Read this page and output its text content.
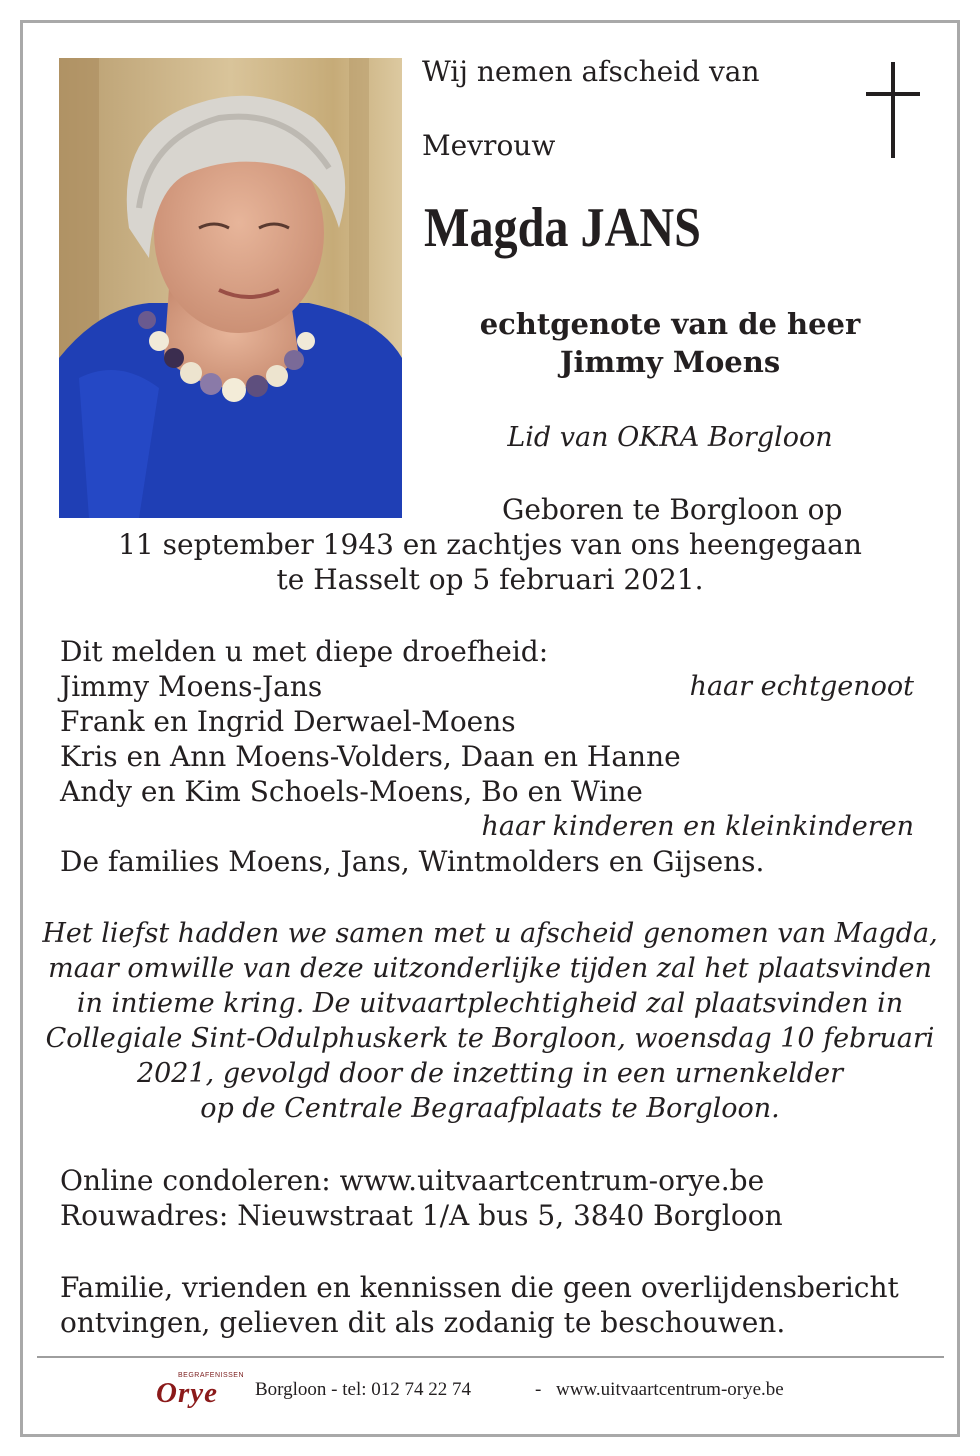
Wij nemen afscheid van
Mevrouw
Magda JANS
echtgenote van de heer
Jimmy Moens
Lid van OKRA Borgloon
Geboren te Borgloon op
11 september 1943 en zachtjes van ons heengegaan
te Hasselt op 5 februari 2021.
Dit melden u met diepe droefheid:
Jimmy Moens-Jans	haar echtgenoot
Frank en Ingrid Derwael-Moens
Kris en Ann Moens-Volders, Daan en Hanne
Andy en Kim Schoels-Moens, Bo en Wine
haar kinderen en kleinkinderen
De families Moens, Jans, Wintmolders en Gijsens.
Het liefst hadden we samen met u afscheid genomen van Magda,
maar omwille van deze uitzonderlijke tijden zal het plaatsvinden
in intieme kring. De uitvaartplechtigheid zal plaatsvinden in
Collegiale Sint-Odulphuskerk te Borgloon, woensdag 10 februari
2021, gevolgd door de inzetting in een urnenkelder
op de Centrale Begraafplaats te Borgloon.
Online condoleren: www.uitvaartcentrum-orye.be
Rouwadres: Nieuwstraat 1/A bus 5, 3840 Borgloon
Familie, vrienden en kennissen die geen overlijdensbericht
ontvingen, gelieven dit als zodanig te beschouwen.
BEGRAFENISSEN
Orye Borgloon - tel: 012 74 22 74	- www.uitvaartcentrum-orye.be
